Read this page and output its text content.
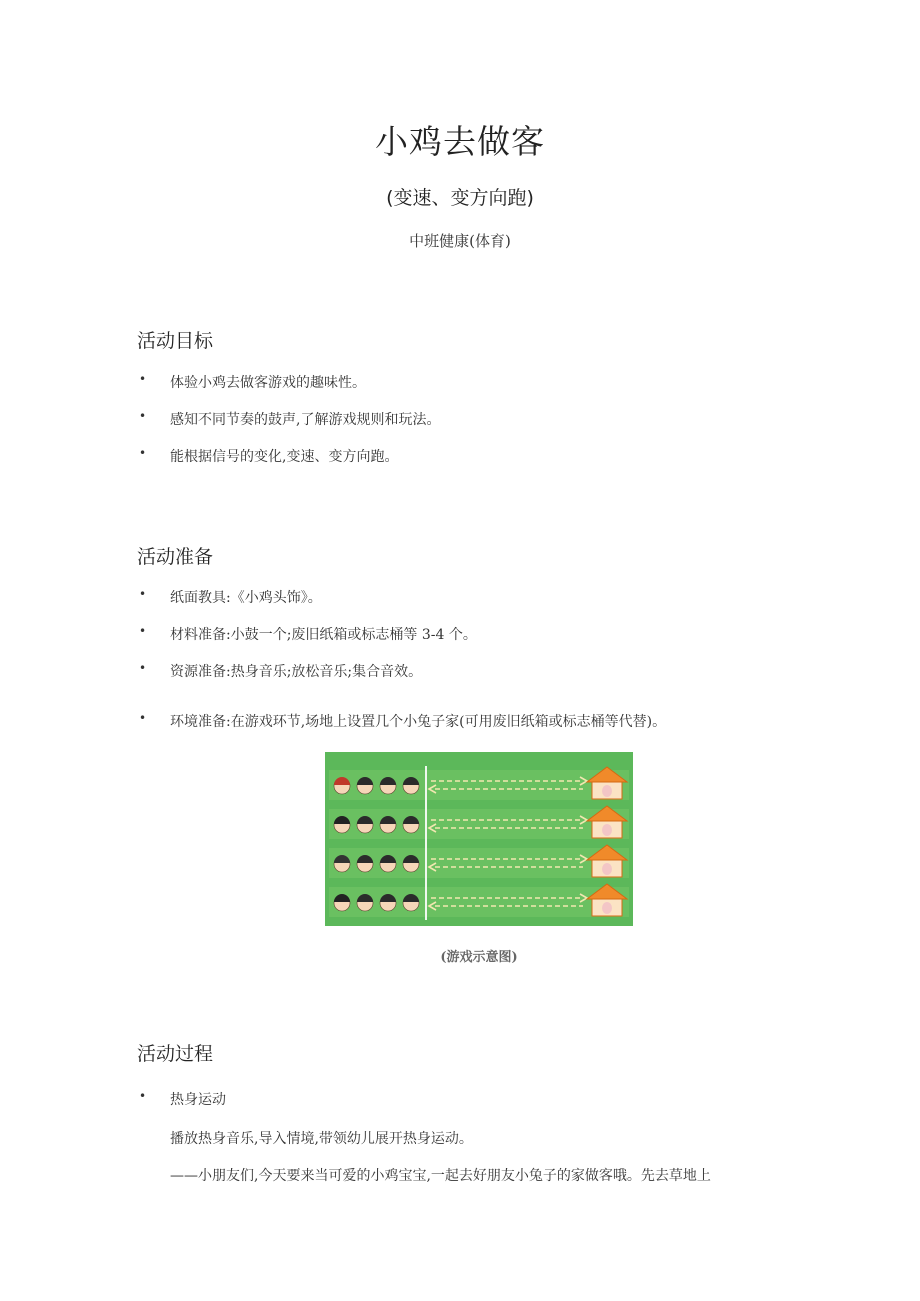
小鸡去做客
(变速、变方向跑)
中班健康(体育)
活动目标
• 体验小鸡去做客游戏的趣味性。
• 感知不同节奏的鼓声,了解游戏规则和玩法。
• 能根据信号的变化,变速、变方向跑。
活动准备
• 纸面教具:《小鸡头饰》。
• 材料准备:小鼓一个;废旧纸箱或标志桶等 3-4 个。
• 资源准备:热身音乐;放松音乐;集合音效。
• 环境准备:在游戏环节,场地上设置几个小兔子家(可用废旧纸箱或标志桶等代替)。
(游戏示意图)
活动过程
• 热身运动
播放热身音乐,导入情境,带领幼儿展开热身运动。
——小朋友们,今天要来当可爱的小鸡宝宝,一起去好朋友小兔子的家做客哦。先去草地上
